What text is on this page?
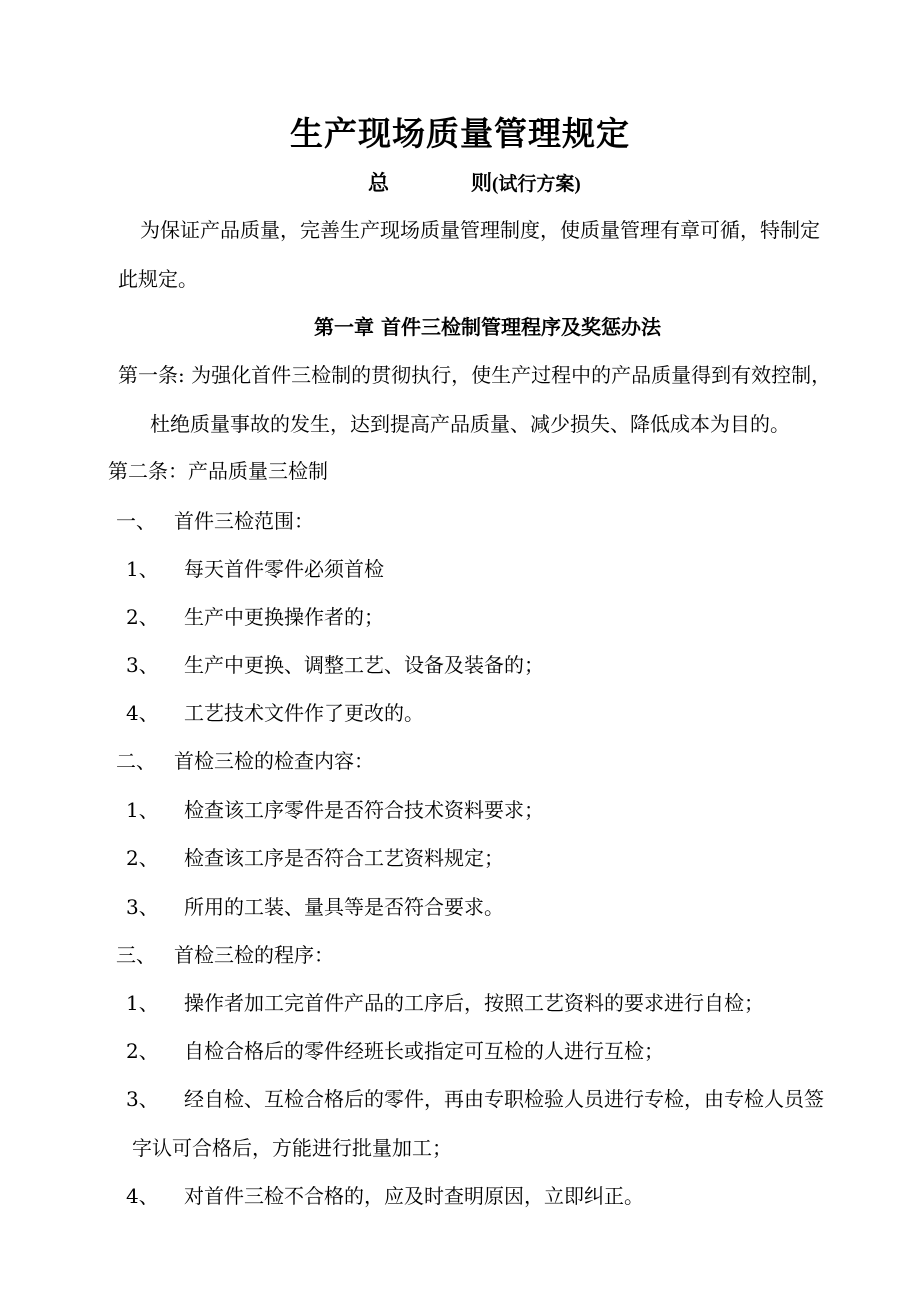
生产现场质量管理规定
总	则(试行方案)
为保证产品质量，完善生产现场质量管理制度，使质量管理有章可循，特制定
此规定。
第一章 首件三检制管理程序及奖惩办法
第一条: 为强化首件三检制的贯彻执行，使生产过程中的产品质量得到有效控制，
杜绝质量事故的发生，达到提高产品质量、减少损失、降低成本为目的。
第二条：产品质量三检制
一、 首件三检范围：
1、 每天首件零件必须首检
2、 生产中更换操作者的；
3、 生产中更换、调整工艺、设备及装备的；
4、 工艺技术文件作了更改的。
二、 首检三检的检查内容：
1、 检查该工序零件是否符合技术资料要求；
2、 检查该工序是否符合工艺资料规定；
3、 所用的工装、量具等是否符合要求。
三、 首检三检的程序：
1、 操作者加工完首件产品的工序后，按照工艺资料的要求进行自检；
2、 自检合格后的零件经班长或指定可互检的人进行互检；
3、 经自检、互检合格后的零件，再由专职检验人员进行专检，由专检人员签
字认可合格后，方能进行批量加工；
4、 对首件三检不合格的，应及时查明原因，立即纠正。
